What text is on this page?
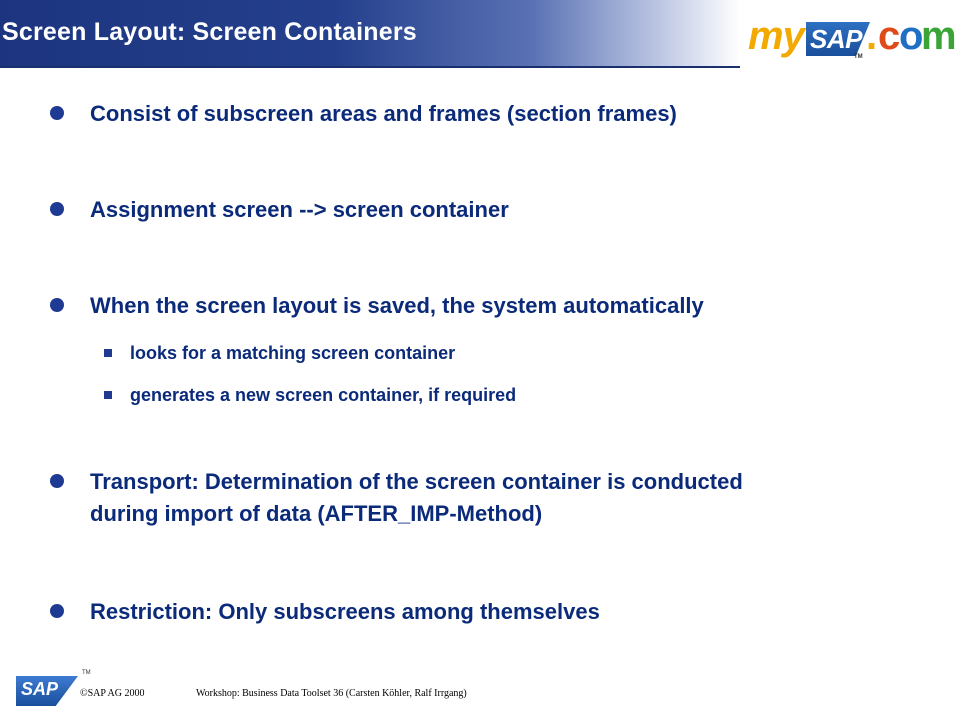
Screen Layout: Screen Containers	my SAP . c o
m
TM
Consist of subscreen areas and frames (section frames)
Assignment screen --> screen container
When the screen layout is saved, the system automatically
looks for a matching screen container
generates a new screen container, if required
Transport: Determination of the screen container is conducted
during import of data (AFTER_IMP-Method)
Restriction: Only subscreens among themselves
SAP
TM
©SAP AG 2000	Workshop: Business Data Toolset 36 (Carsten Köhler, Ralf Irrgang)
